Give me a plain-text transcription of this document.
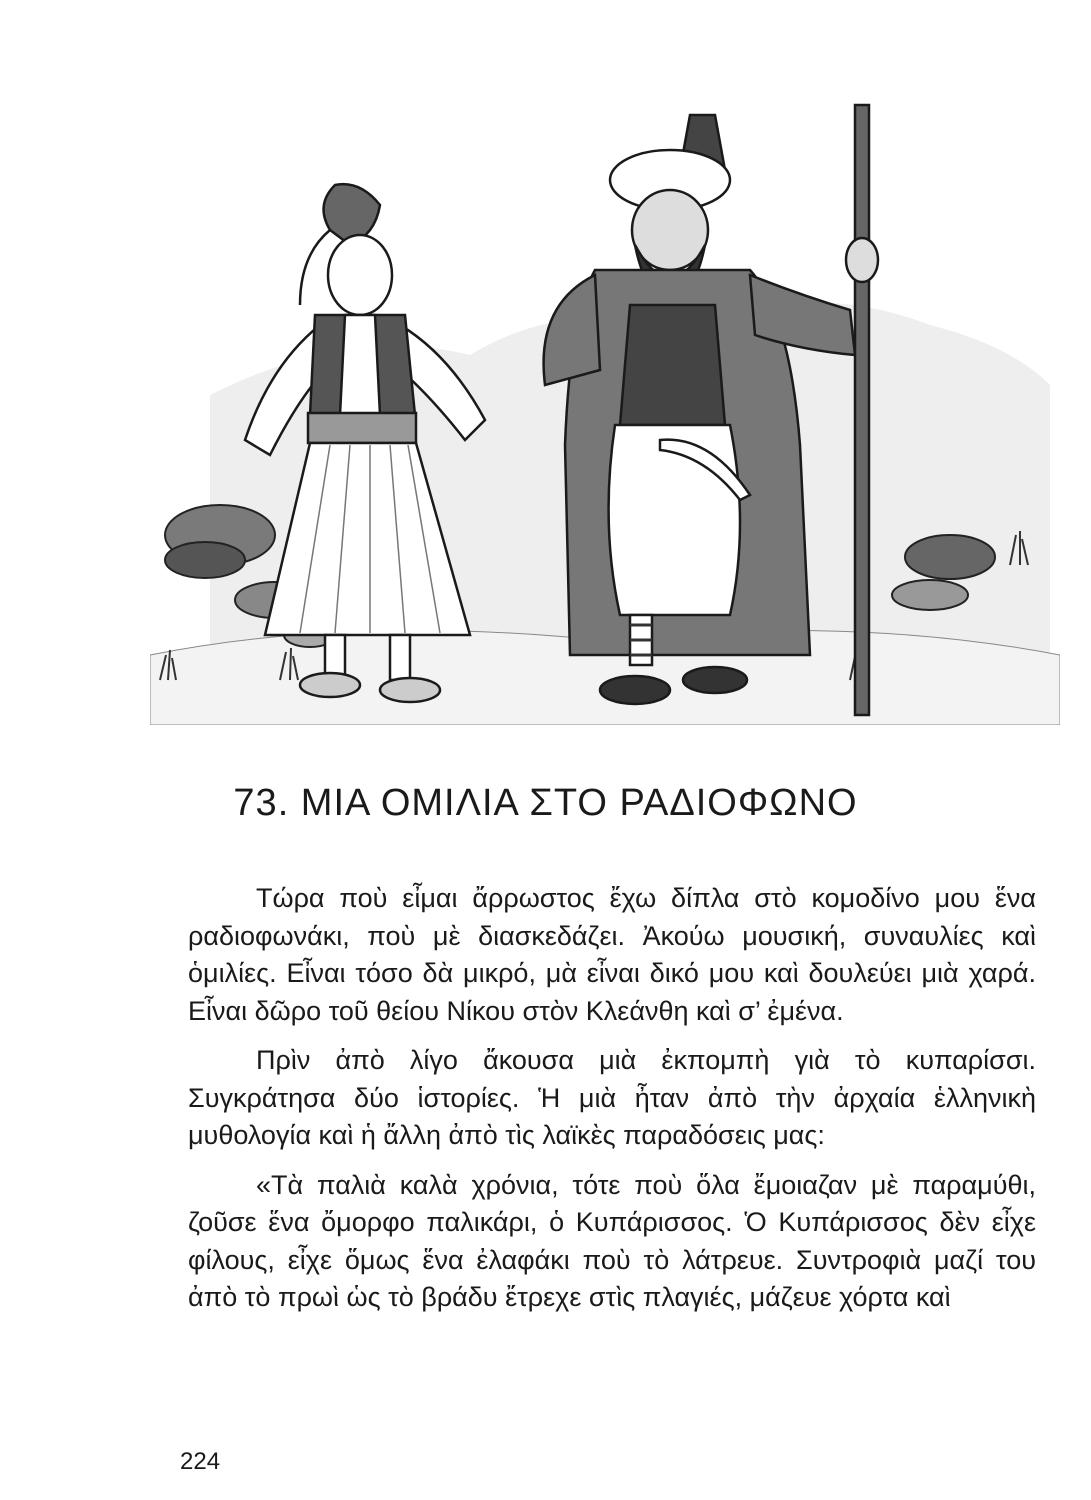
73. ΜΙΑ ΟΜΙΛΙΑ ΣΤΟ ΡΑΔΙΟΦΩΝΟ

Τώρα ποὺ εἶμαι ἄρρωστος ἔχω δίπλα στὸ κομοδίνο μου ἕνα ραδιοφωνάκι, ποὺ μὲ διασκεδάζει. Ἀκούω μουσική, συναυλίες καὶ ὁμιλίες. Εἶναι τόσο δὰ μικρό, μὰ εἶναι δικό μου καὶ δουλεύει μιὰ χαρά. Εἶναι δῶρο τοῦ θείου Νίκου στὸν Κλεάνθη καὶ σ’ ἐμένα.

Πρὶν ἀπὸ λίγο ἄκουσα μιὰ ἐκπομπὴ γιὰ τὸ κυπαρίσσι. Συγκράτησα δύο ἱστορίες. Ἡ μιὰ ἦταν ἀπὸ τὴν ἀρχαία ἑλληνικὴ μυθολογία καὶ ἡ ἄλλη ἀπὸ τὶς λαϊκὲς παραδόσεις μας:

«Τὰ παλιὰ καλὰ χρόνια, τότε ποὺ ὅλα ἔμοιαζαν μὲ παραμύθι, ζοῦσε ἕνα ὄμορφο παλικάρι, ὁ Κυπάρισσος. Ὁ Κυπάρισσος δὲν εἶχε φίλους, εἶχε ὅμως ἕνα ἐλαφάκι ποὺ τὸ λάτρευε. Συντροφιὰ μαζί του ἀπὸ τὸ πρωὶ ὡς τὸ βράδυ ἔτρεχε στὶς πλαγιές, μάζευε χόρτα καὶ

224
